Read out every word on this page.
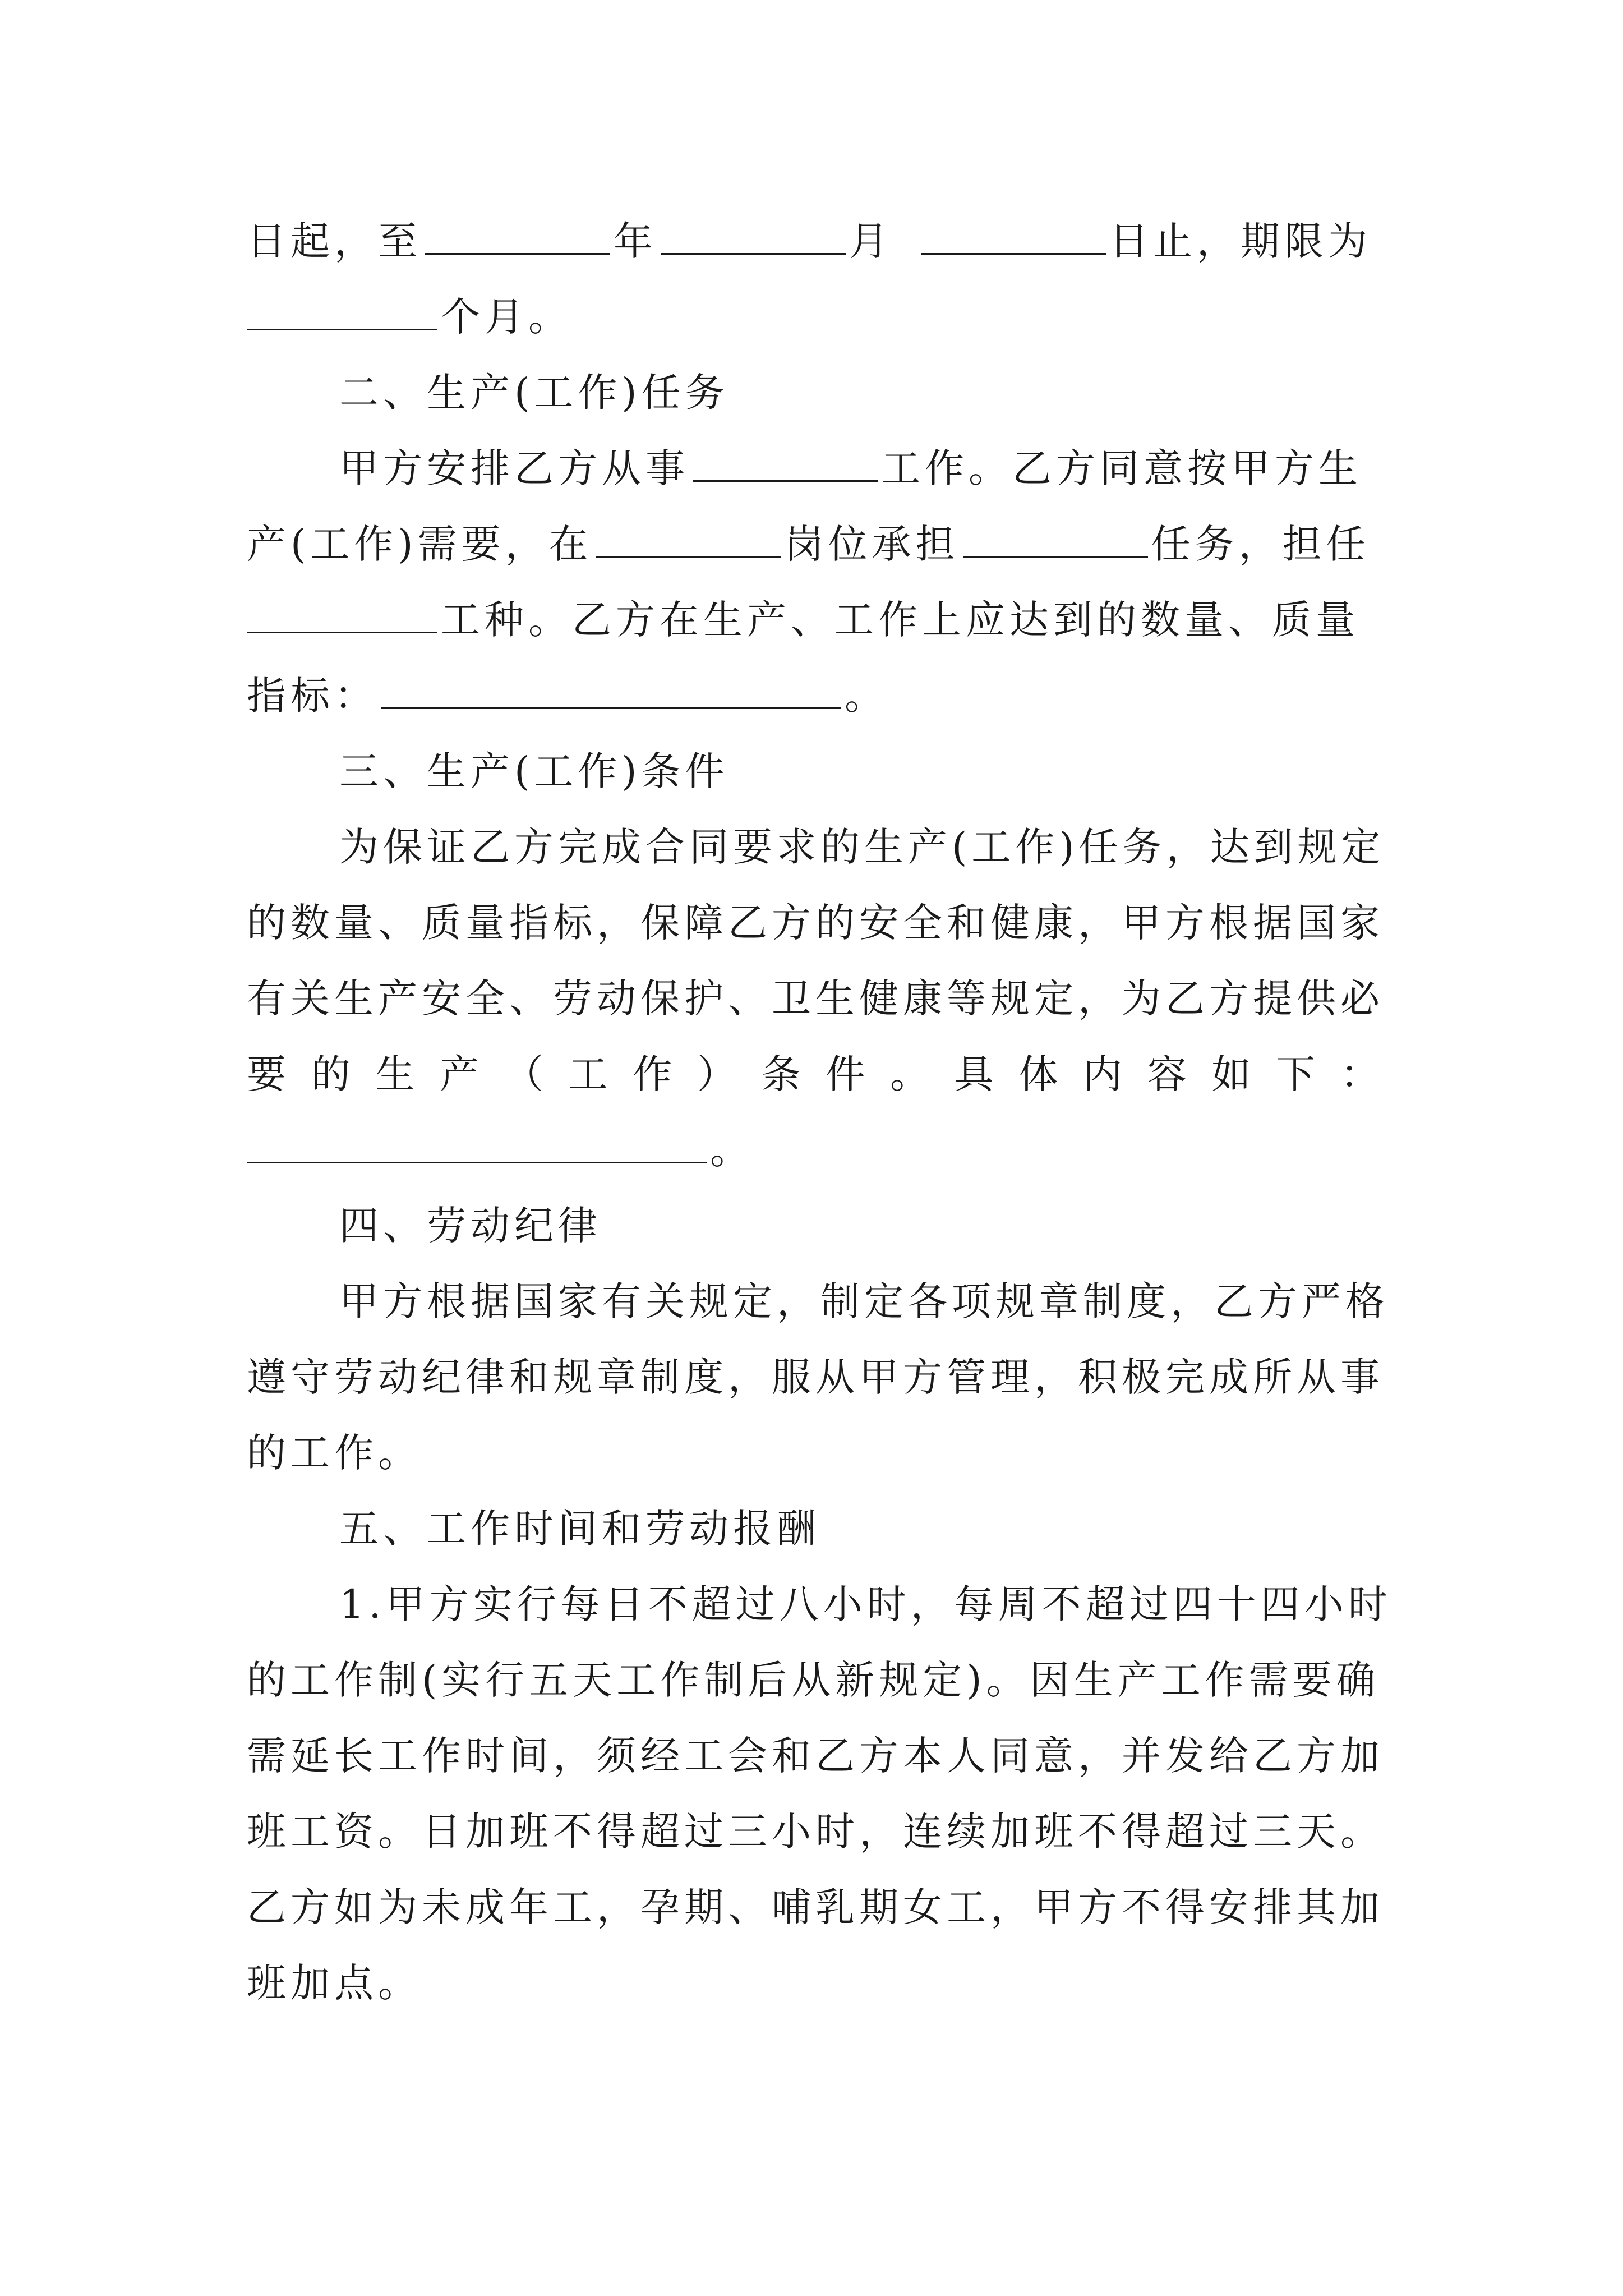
日起，至	年	月	日止，期限为
个月。
二、生产(工作)任务
甲方安排乙方从事	工作。乙方同意按甲方生
产(工作)需要，在	岗位承担	任务，担任
工种。乙方在生产、工作上应达到的数量、质量
指标：	。
三、生产(工作)条件
为保证乙方完成合同要求的生产(工作)任务，达到规定
的数量、质量指标，保障乙方的安全和健康，甲方根据国家
有关生产安全、劳动保护、卫生健康等规定，为乙方提供必
要 的 生 产 （ 工 作 ） 条 件 。 具 体 内 容 如 下 ：
。
四、劳动纪律
甲方根据国家有关规定，制定各项规章制度，乙方严格
遵守劳动纪律和规章制度，服从甲方管理，积极完成所从事
的工作。
五、工作时间和劳动报酬
1.甲方实行每日不超过八小时，每周不超过四十四小时
的工作制(实行五天工作制后从新规定)。因生产工作需要确
需延长工作时间，须经工会和乙方本人同意，并发给乙方加
班工资。日加班不得超过三小时，连续加班不得超过三天。
乙方如为未成年工，孕期、哺乳期女工，甲方不得安排其加
班加点。
